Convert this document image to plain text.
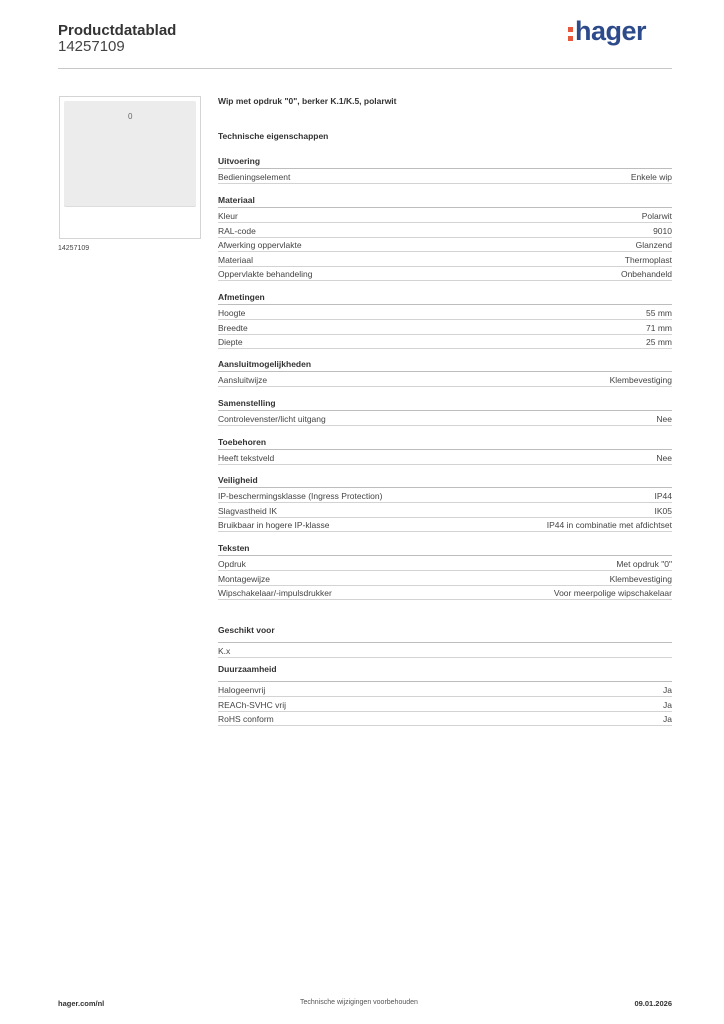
Productdatablad
14257109
hager
0
14257109
Wip met opdruk "0", berker K.1/K.5, polarwit
Technische eigenschappen
Uitvoering
Bedieningselement	Enkele wip
Materiaal
Kleur	Polarwit
RAL-code	9010
Afwerking oppervlakte	Glanzend
Materiaal	Thermoplast
Oppervlakte behandeling	Onbehandeld
Afmetingen
Hoogte	55 mm
Breedte	71 mm
Diepte	25 mm
Aansluitmogelijkheden
Aansluitwijze	Klembevestiging
Samenstelling
Controlevenster/licht uitgang	Nee
Toebehoren
Heeft tekstveld	Nee
Veiligheid
IP-beschermingsklasse (Ingress Protection)	IP44
Slagvastheid IK	IK05
Bruikbaar in hogere IP-klasse	IP44 in combinatie met afdichtset
Teksten
Opdruk	Met opdruk "0"
Montagewijze	Klembevestiging
Wipschakelaar/-impulsdrukker	Voor meerpolige wipschakelaar
Geschikt voor
K.x
Duurzaamheid
Halogeenvrij	Ja
REACh-SVHC vrij	Ja
RoHS conform	Ja
hager.com/nl	Technische wijzigingen voorbehouden	09.01.2026
